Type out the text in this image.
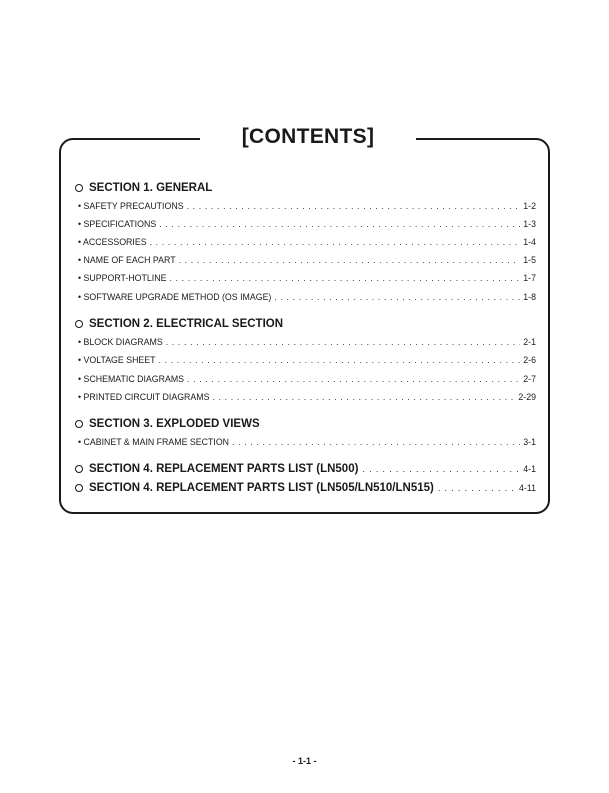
[CONTENTS]
SECTION 1. GENERAL
• SAFETY PRECAUTIONS . . .	1-2
• SPECIFICATIONS . . .	1-3
• ACCESSORIES . . .	1-4
• NAME OF EACH PART . . .	1-5
• SUPPORT-HOTLINE . . .	1-7
• SOFTWARE UPGRADE METHOD (OS IMAGE) . . .	1-8
SECTION 2. ELECTRICAL SECTION
• BLOCK DIAGRAMS . . .	2-1
• VOLTAGE SHEET . . .	2-6
• SCHEMATIC DIAGRAMS . . .	2-7
• PRINTED CIRCUIT DIAGRAMS . . .	2-29
SECTION 3. EXPLODED VIEWS
• CABINET & MAIN FRAME SECTION . . .	3-1
SECTION 4. REPLACEMENT PARTS LIST (LN500) . . .	4-1
SECTION 4. REPLACEMENT PARTS LIST (LN505/LN510/LN515) . . .	4-11
- 1-1 -
